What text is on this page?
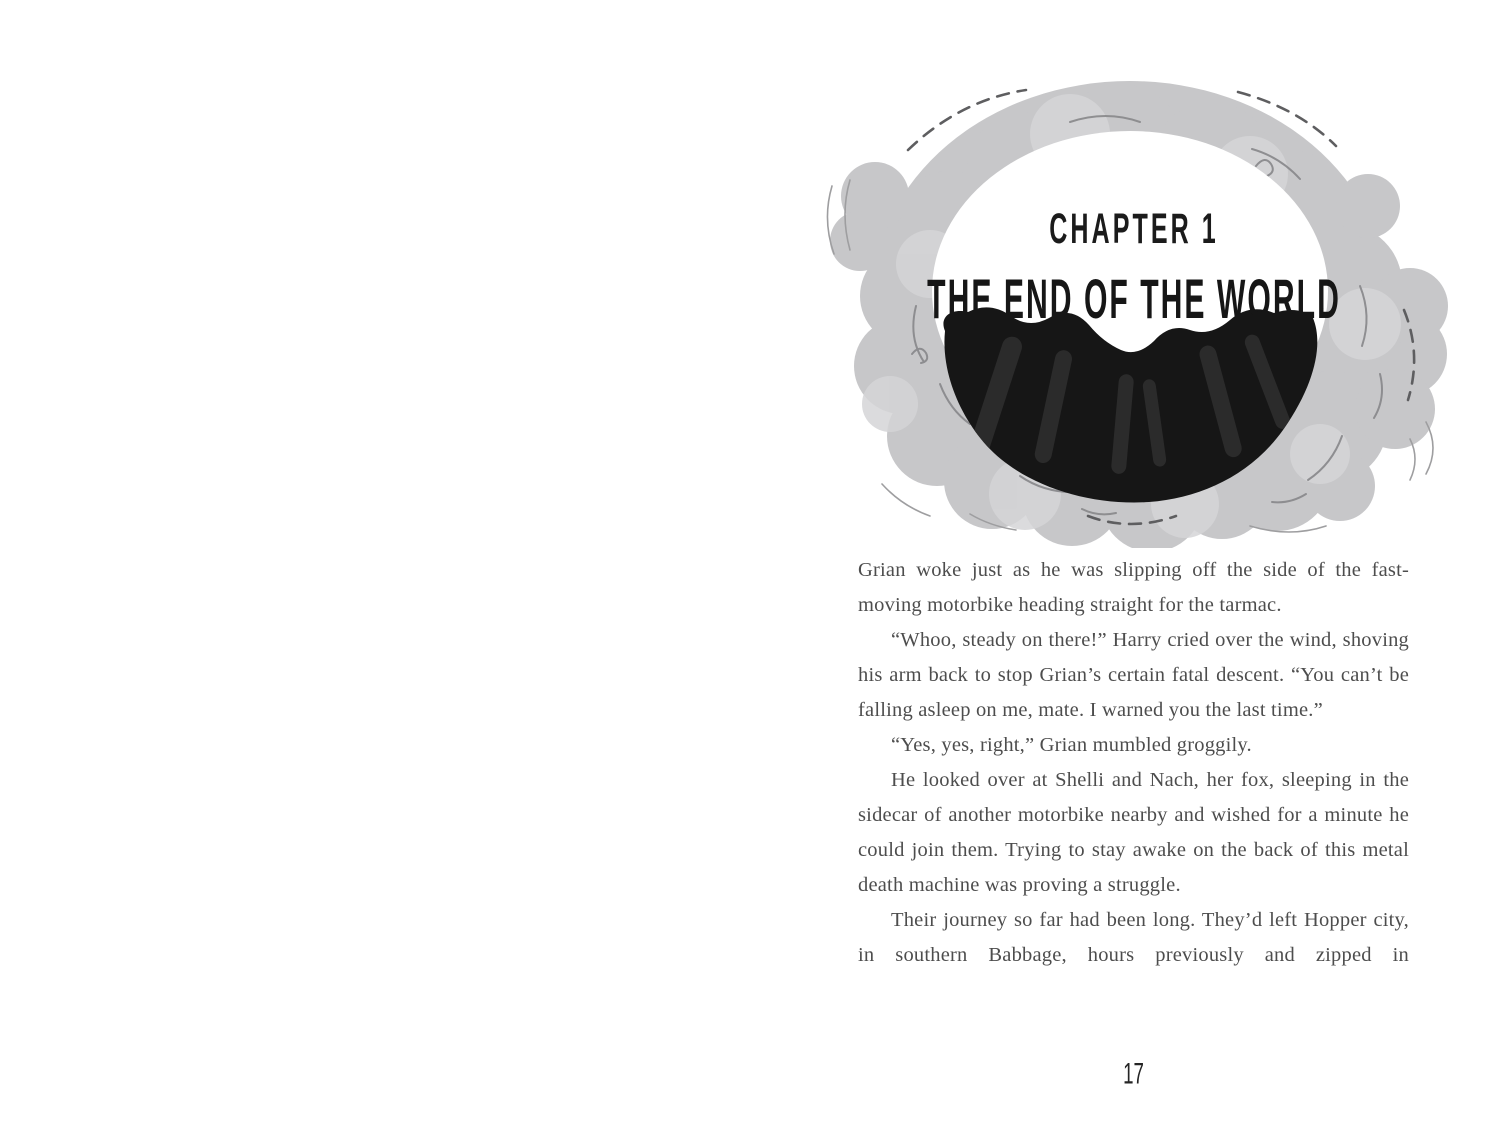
CHAPTER 1
THE END OF THE WORLD

Grian woke just as he was slipping off the side of the fast-moving motorbike heading straight for the tarmac.

“Whoo, steady on there!” Harry cried over the wind, shoving his arm back to stop Grian’s certain fatal descent. “You can’t be falling asleep on me, mate. I warned you the last time.”

“Yes, yes, right,” Grian mumbled groggily.

He looked over at Shelli and Nach, her fox, sleeping in the sidecar of another motorbike nearby and wished for a minute he could join them. Trying to stay awake on the back of this metal death machine was proving a struggle.

Their journey so far had been long. They’d left Hopper city, in southern Babbage, hours previously and zipped in

17
